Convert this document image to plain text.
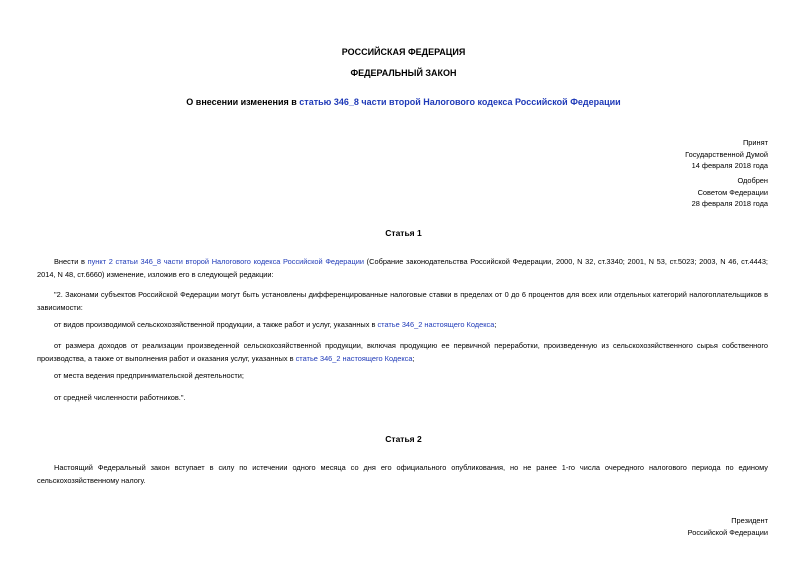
РОССИЙСКАЯ ФЕДЕРАЦИЯ
ФЕДЕРАЛЬНЫЙ ЗАКОН
О внесении изменения в статью 346_8 части второй Налогового кодекса Российской Федерации
Принят
Государственной Думой
14 февраля 2018 года
Одобрен
Советом Федерации
28 февраля 2018 года
Статья 1
Внести в пункт 2 статьи 346_8 части второй Налогового кодекса Российской Федерации (Собрание законодательства Российской Федерации, 2000, N 32, ст.3340; 2001, N 53, ст.5023; 2003, N 46, ст.4443; 2014, N 48, ст.6660) изменение, изложив его в следующей редакции:
"2. Законами субъектов Российской Федерации могут быть установлены дифференцированные налоговые ставки в пределах от 0 до 6 процентов для всех или отдельных категорий налогоплательщиков в зависимости:
от видов производимой сельскохозяйственной продукции, а также работ и услуг, указанных в статье 346_2 настоящего Кодекса;
от размера доходов от реализации произведенной сельскохозяйственной продукции, включая продукцию ее первичной переработки, произведенную из сельскохозяйственного сырья собственного производства, а также от выполнения работ и оказания услуг, указанных в статье 346_2 настоящего Кодекса;
от места ведения предпринимательской деятельности;
от средней численности работников.".
Статья 2
Настоящий Федеральный закон вступает в силу по истечении одного месяца со дня его официального опубликования, но не ранее 1-го числа очередного налогового периода по единому сельскохозяйственному налогу.
Президент
Российской Федерации
